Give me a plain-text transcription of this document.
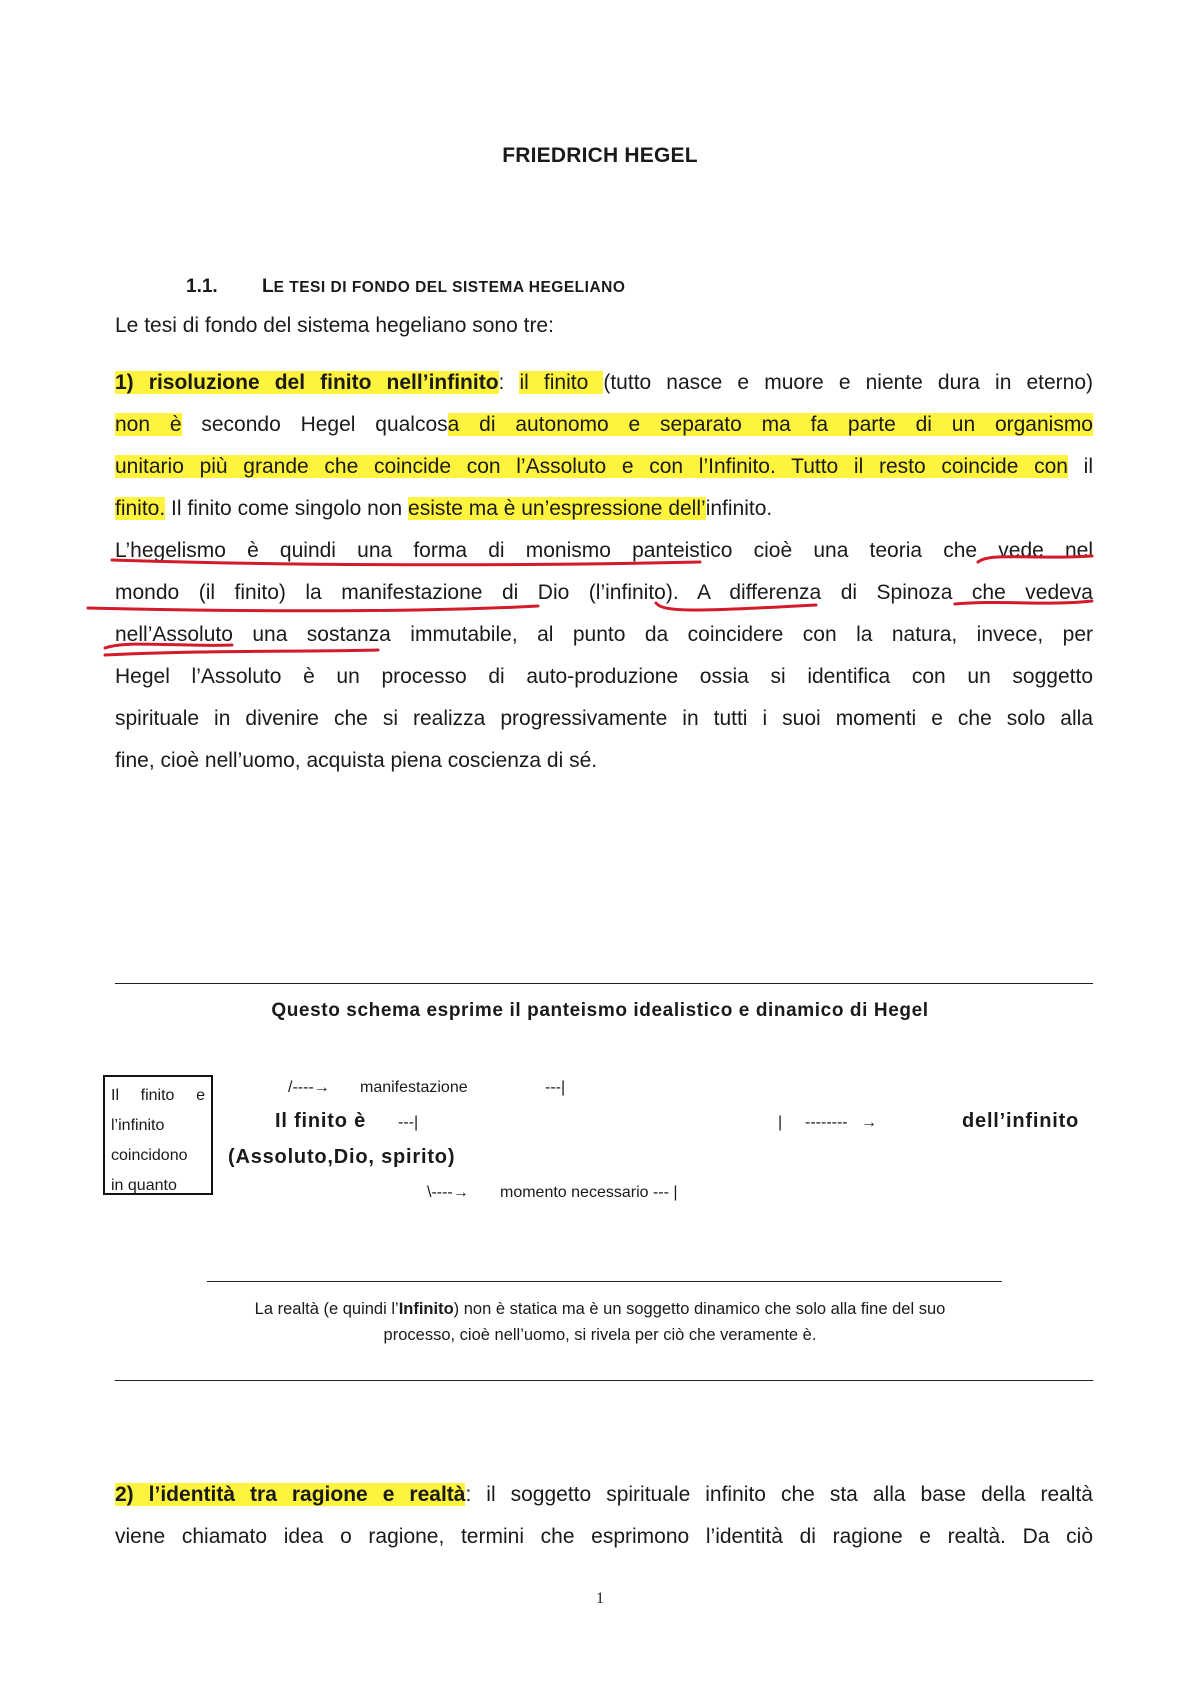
FRIEDRICH HEGEL
1.1. LE TESI DI FONDO DEL SISTEMA HEGELIANO
Le tesi di fondo del sistema hegeliano sono tre:
1) risoluzione del finito nell’infinito: il finito (tutto nasce e muore e niente dura in eterno)
non è secondo Hegel qualcosa di autonomo e separato ma fa parte di un organismo
unitario più grande che coincide con l’Assoluto e con l’Infinito. Tutto il resto coincide con il
finito. Il finito come singolo non esiste ma è un’espressione dell’infinito.
L’hegelismo è quindi una forma di monismo panteistico cioè una teoria che vede nel
mondo (il finito) la manifestazione di Dio (l’infinito). A differenza di Spinoza che vedeva
nell’Assoluto una sostanza immutabile, al punto da coincidere con la natura, invece, per
Hegel l’Assoluto è un processo di auto-produzione ossia si identifica con un soggetto
spirituale in divenire che si realizza progressivamente in tutti i suoi momenti e che solo alla
fine, cioè nell’uomo, acquista piena coscienza di sé.
Questo schema esprime il panteismo idealistico e dinamico di Hegel
Il finito e
l’infinito
coincidono
in quanto
/----→ manifestazione	---|
Il finito è ---|	| --------   →	dell’infinito
(Assoluto,Dio, spirito)
\----→ momento necessario --- |
La realtà (e quindi l’Infinito) non è statica ma è un soggetto dinamico che solo alla fine del suo
processo, cioè nell’uomo, si rivela per ciò che veramente è.
2) l’identità tra ragione e realtà: il soggetto spirituale infinito che sta alla base della realtà
viene chiamato idea o ragione, termini che esprimono l’identità di ragione e realtà. Da ciò
1
